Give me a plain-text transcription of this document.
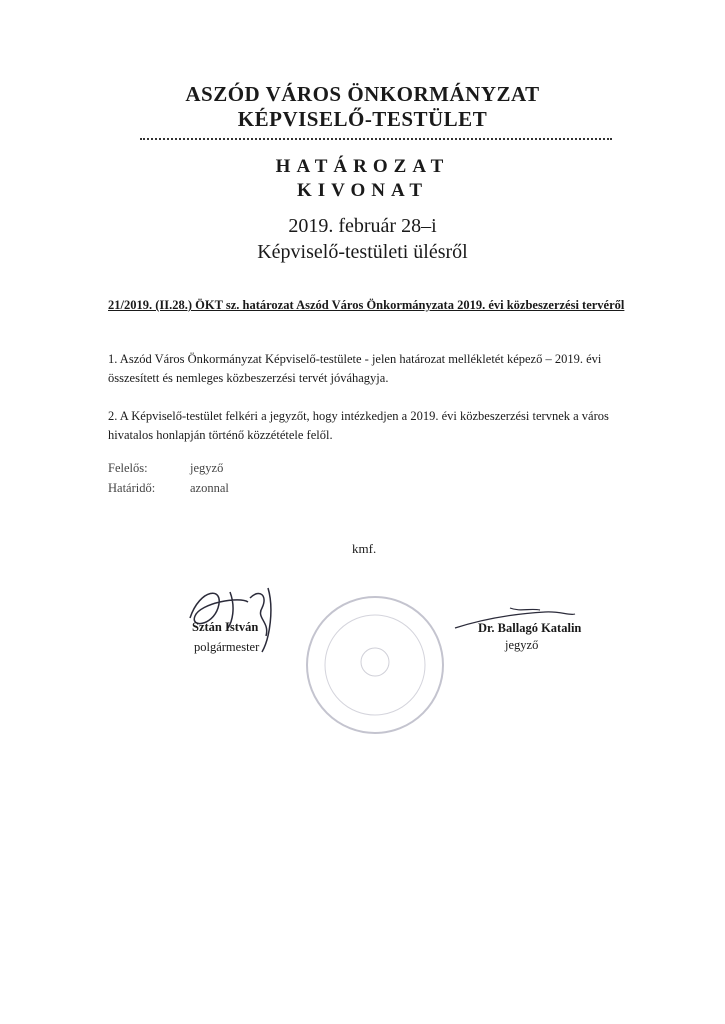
ASZÓD VÁROS ÖNKORMÁNYZAT
KÉPVISELŐ-TESTÜLET
HATÁROZAT
KIVONAT
2019. február 28–i
Képviselő-testületi ülésről
21/2019. (II.28.) ÖKT sz. határozat Aszód Város Önkormányzata 2019. évi közbeszerzési tervéről
1. Aszód Város Önkormányzat Képviselő-testülete - jelen határozat mellékletét képező – 2019. évi összesített és nemleges közbeszerzési tervét jóváhagyja.
2. A Képviselő-testület felkéri a jegyzőt, hogy intézkedjen a 2019. évi közbeszerzési tervnek a város hivatalos honlapján történő közzététele felől.
Felelős:	jegyző
Határidő:	azonnal
kmf.
Sztán István
polgármester
Dr. Ballagó Katalin
jegyző
